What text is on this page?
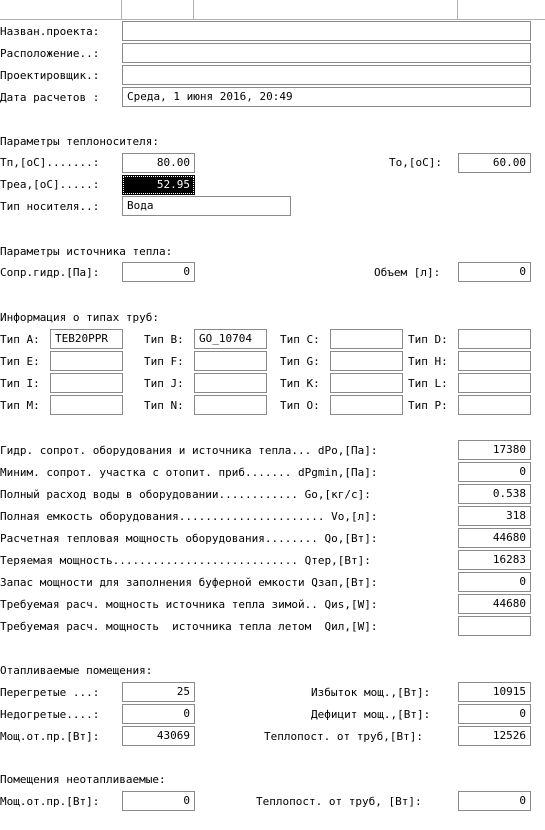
Назван.проекта:
Расположение..:
Проектировщик.:
Дата расчетов :	Среда, 1 июня 2016, 20:49
Параметры теплоносителя:
Тп,[оС].......:	80.00	То,[оС]:	60.00
Треа,[оС].....:	52.95
Тип носителя..:	Вода
Параметры источника тепла:
Сопр.гидр.[Па]:	0	Объем [л]:	0
Информация о типах труб:
Тип A:	TEB20PPR	Тип B:	GO_10704	Тип C:	Тип D:
Тип E:	Тип F:	Тип G:	Тип H:
Тип I:	Тип J:	Тип K:	Тип L:
Тип M:	Тип N:	Тип O:	Тип P:
Гидр. сопрот. оборудования и источника тепла... dPo,[Па]:	17380
Миним. сопрот. участка с отопит. приб....... dPgmin,[Па]:	0
Полный расход воды в оборудовании............ Go,[кг/с]:	0.538
Полная емкость оборудования...................... Vo,[л]:	318
Расчетная тепловая мощность оборудования........ Qo,[Вт]:	44680
Теряемая мощность............................ Qтер,[Вт]:	16283
Запас мощности для заполнения буферной емкости Qзап,[Вт]:	0
Требуемая расч. мощность источника тепла зимой.. Qиs,[W]:	44680
Требуемая расч. мощность  источника тепла летом  Qил,[W]:
Отапливаемые помещения:
Перегретые ...:	25	Избыток мощ.,[Вт]:	10915
Недогретые....:	0	Дефицит мощ.,[Вт]:	0
Мощ.от.пр.[Вт]:	43069	Теплопост. от труб,[Вт]:	12526
Помещения неотапливаемые:
Мощ.от.пр.[Вт]:	0	Теплопост. от труб, [Вт]:	0
